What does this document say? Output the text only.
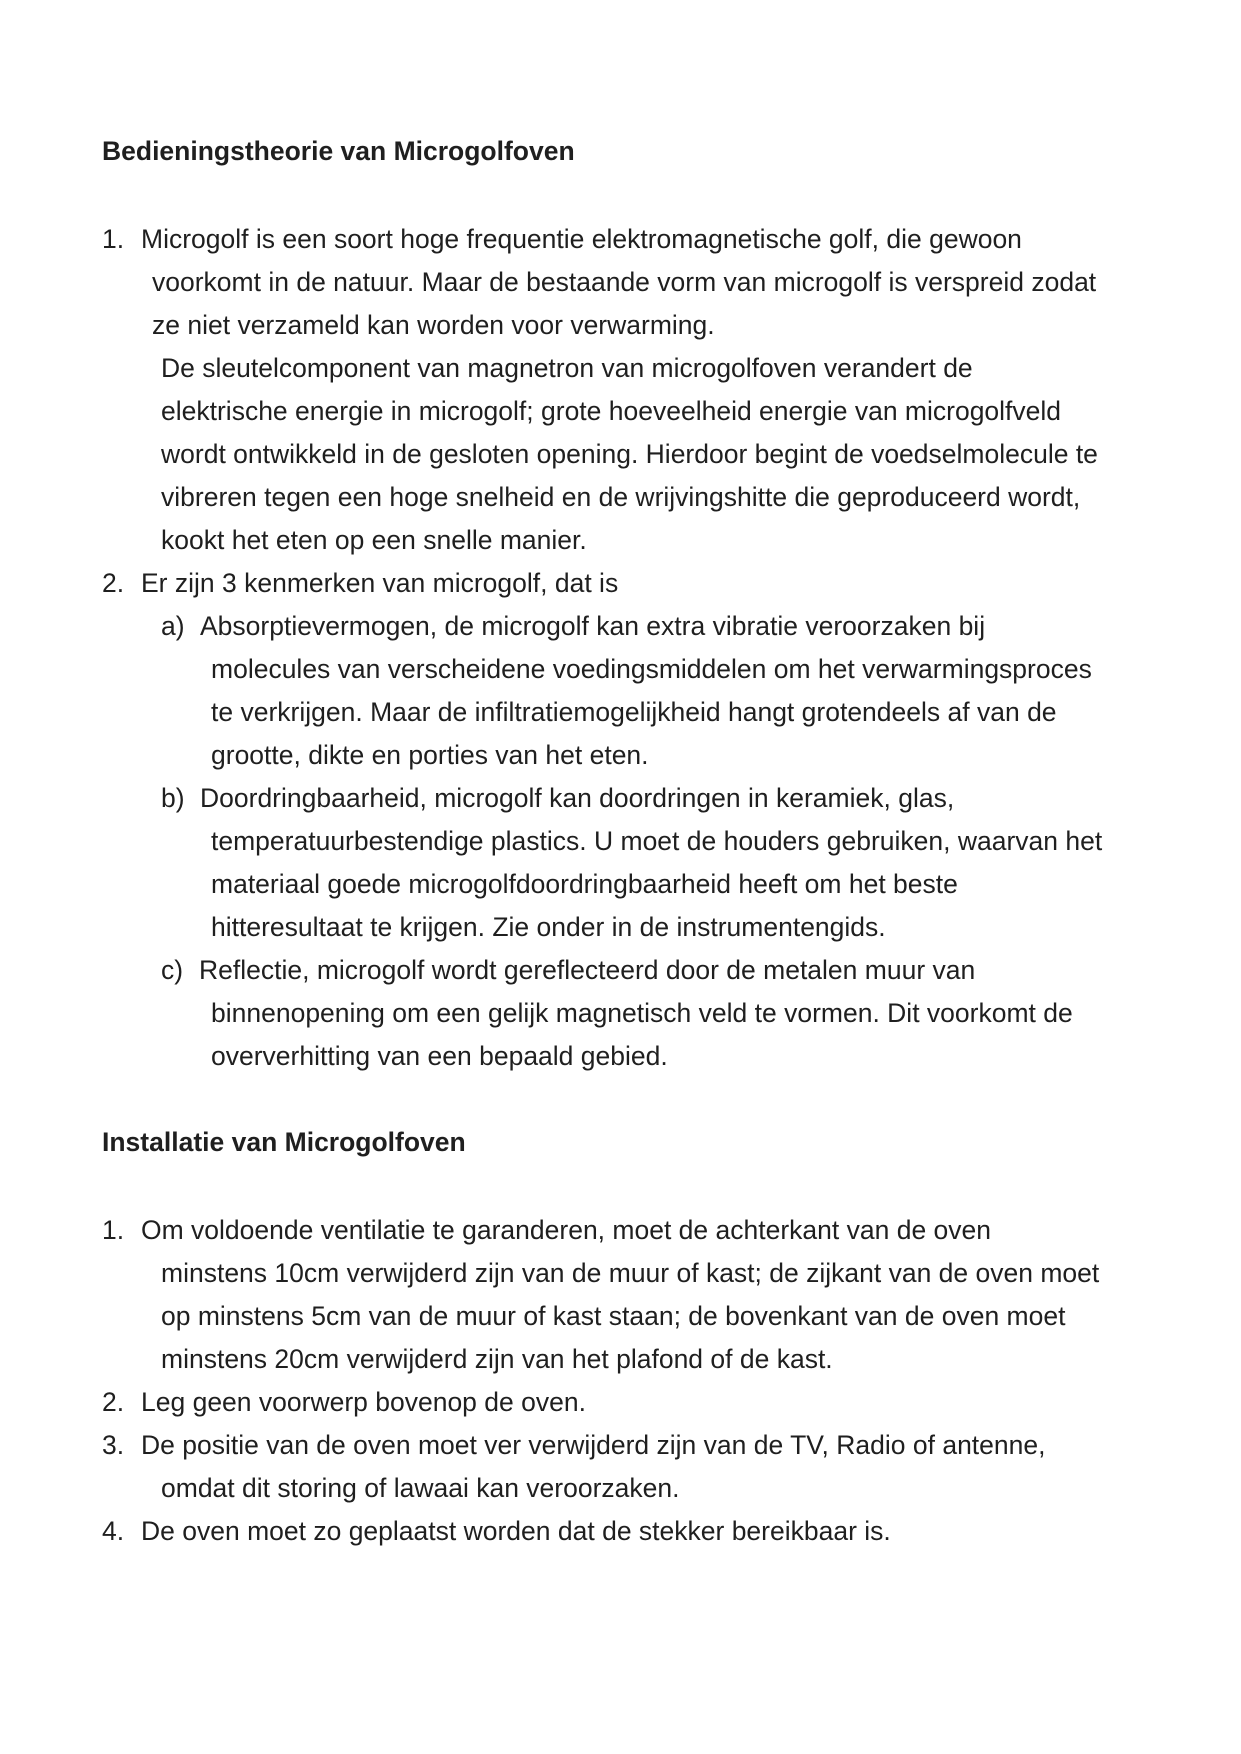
Bedieningstheorie van Microgolfoven
1. Microgolf is een soort hoge frequentie elektromagnetische golf, die gewoon
voorkomt in de natuur. Maar de bestaande vorm van microgolf is verspreid zodat
ze niet verzameld kan worden voor verwarming.
De sleutelcomponent van magnetron van microgolfoven verandert de
elektrische energie in microgolf; grote hoeveelheid energie van microgolfveld
wordt ontwikkeld in de gesloten opening. Hierdoor begint de voedselmolecule te
vibreren tegen een hoge snelheid en de wrijvingshitte die geproduceerd wordt,
kookt het eten op een snelle manier.
2. Er zijn 3 kenmerken van microgolf, dat is
a) Absorptievermogen, de microgolf kan extra vibratie veroorzaken bij
molecules van verscheidene voedingsmiddelen om het verwarmingsproces
te verkrijgen. Maar de infiltratiemogelijkheid hangt grotendeels af van de
grootte, dikte en porties van het eten.
b) Doordringbaarheid, microgolf kan doordringen in keramiek, glas,
temperatuurbestendige plastics. U moet de houders gebruiken, waarvan het
materiaal goede microgolfdoordringbaarheid heeft om het beste
hitteresultaat te krijgen. Zie onder in de instrumentengids.
c) Reflectie, microgolf wordt gereflecteerd door de metalen muur van
binnenopening om een gelijk magnetisch veld te vormen. Dit voorkomt de
oververhitting van een bepaald gebied.
Installatie van Microgolfoven
1. Om voldoende ventilatie te garanderen, moet de achterkant van de oven
minstens 10cm verwijderd zijn van de muur of kast; de zijkant van de oven moet
op minstens 5cm van de muur of kast staan; de bovenkant van de oven moet
minstens 20cm verwijderd zijn van het plafond of de kast.
2. Leg geen voorwerp bovenop de oven.
3. De positie van de oven moet ver verwijderd zijn van de TV, Radio of antenne,
omdat dit storing of lawaai kan veroorzaken.
4. De oven moet zo geplaatst worden dat de stekker bereikbaar is.
